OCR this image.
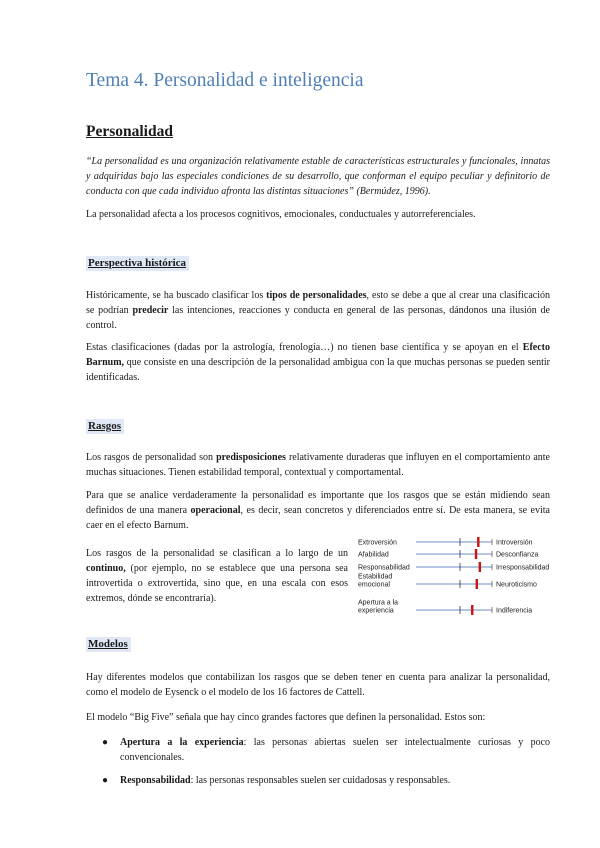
Tema 4. Personalidad e inteligencia
Personalidad

“La personalidad es una organización relativamente estable de características estructurales y funcionales, innatas y adquiridas bajo las especiales condiciones de su desarrollo, que conforman el equipo peculiar y definitorio de conducta con que cada individuo afronta las distintas situaciones” (Bermúdez, 1996).

La personalidad afecta a los procesos cognitivos, emocionales, conductuales y autorreferenciales.

Perspectiva histórica

Históricamente, se ha buscado clasificar los tipos de personalidades, esto se debe a que al crear una clasificación se podrían predecir las intenciones, reacciones y conducta en general de las personas, dándonos una ilusión de control.

Estas clasificaciones (dadas por la astrología, frenología…) no tienen base científica y se apoyan en el Efecto Barnum, que consiste en una descripción de la personalidad ambigua con la que muchas personas se pueden sentir identificadas.

Rasgos

Los rasgos de personalidad son predisposiciones relativamente duraderas que influyen en el comportamiento ante muchas situaciones. Tienen estabilidad temporal, contextual y comportamental.

Para que se analice verdaderamente la personalidad es importante que los rasgos que se están midiendo sean definidos de una manera operacional, es decir, sean concretos y diferenciados entre sí. De esta manera, se evita caer en el efecto Barnum.

Los rasgos de la personalidad se clasifican a lo largo de un continuo, (por ejemplo, no se establece que una persona sea introvertida o extrovertida, sino que, en una escala con esos extremos, dónde se encontraría).

Extroversión	Introversión
Afabilidad	Desconfianza
Responsabilidad	Irresponsabilidad
Estabilidad
emocional	Neuroticismo
Apertura a la
experiencia	Indiferencia
Modelos

Hay diferentes modelos que contabilizan los rasgos que se deben tener en cuenta para analizar la personalidad, como el modelo de Eysenck o el modelo de los 16 factores de Cattell.

El modelo “Big Five” señala que hay cinco grandes factores que definen la personalidad. Estos son:

● Apertura a la experiencia: las personas abiertas suelen ser intelectualmente curiosas y poco convencionales.
● Responsabilidad: las personas responsables suelen ser cuidadosas y responsables.
